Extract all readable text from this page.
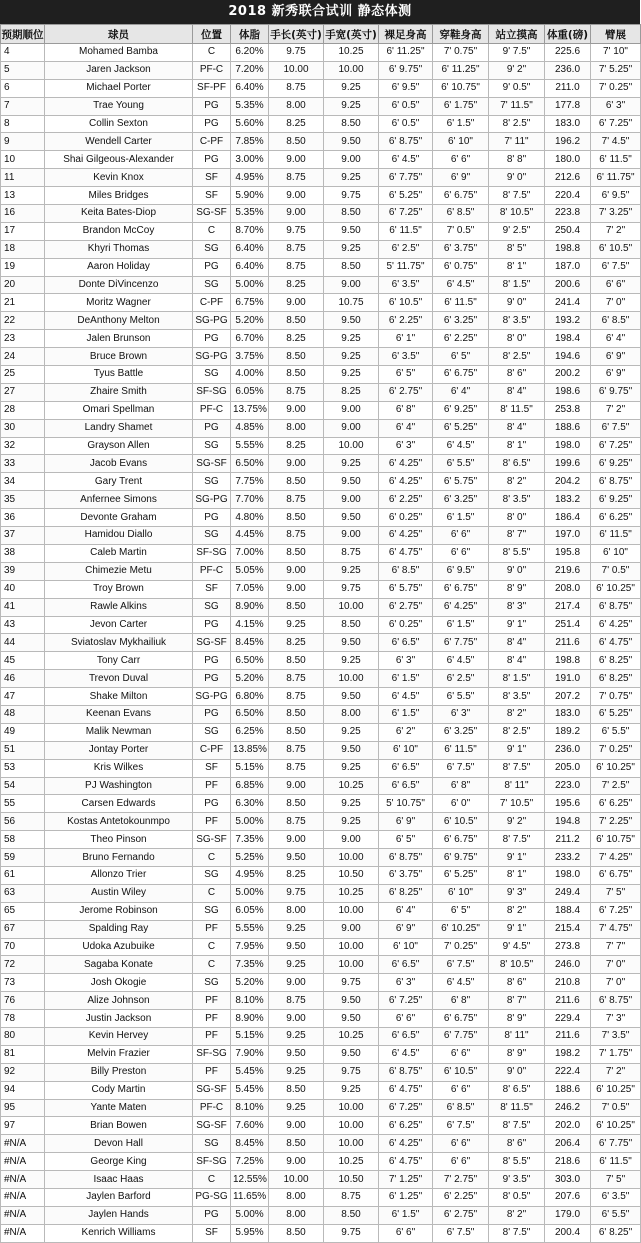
2018 新秀联合试训 静态体测
预期顺位	球员	位置	体脂	手长(英寸)	手宽(英寸)	裸足身高	穿鞋身高	站立摸高	体重(磅)	臂展
4	Mohamed Bamba	C	6.20%	9.75	10.25	6' 11.25"	7' 0.75"	9' 7.5"	225.6	7' 10"
5	Jaren Jackson	PF-C	7.20%	10.00	10.00	6' 9.75"	6' 11.25"	9' 2"	236.0	7' 5.25"
6	Michael Porter	SF-PF	6.40%	8.75	9.25	6' 9.5"	6' 10.75"	9' 0.5"	211.0	7' 0.25"
7	Trae Young	PG	5.35%	8.00	9.25	6' 0.5"	6' 1.75"	7' 11.5"	177.8	6' 3"
8	Collin Sexton	PG	5.60%	8.25	8.50	6' 0.5"	6' 1.5"	8' 2.5"	183.0	6' 7.25"
9	Wendell Carter	C-PF	7.85%	8.50	9.50	6' 8.75"	6' 10"	7' 11"	196.2	7' 4.5"
10	Shai Gilgeous-Alexander	PG	3.00%	9.00	9.00	6' 4.5"	6' 6"	8' 8"	180.0	6' 11.5"
11	Kevin Knox	SF	4.95%	8.75	9.25	6' 7.75"	6' 9"	9' 0"	212.6	6' 11.75"
13	Miles Bridges	SF	5.90%	9.00	9.75	6' 5.25"	6' 6.75"	8' 7.5"	220.4	6' 9.5"
16	Keita Bates-Diop	SG-SF	5.35%	9.00	8.50	6' 7.25"	6' 8.5"	8' 10.5"	223.8	7' 3.25"
17	Brandon McCoy	C	8.70%	9.75	9.50	6' 11.5"	7' 0.5"	9' 2.5"	250.4	7' 2"
18	Khyri Thomas	SG	6.40%	8.75	9.25	6' 2.5"	6' 3.75"	8' 5"	198.8	6' 10.5"
19	Aaron Holiday	PG	6.40%	8.75	8.50	5' 11.75"	6' 0.75"	8' 1"	187.0	6' 7.5"
20	Donte DiVincenzo	SG	5.00%	8.25	9.00	6' 3.5"	6' 4.5"	8' 1.5"	200.6	6' 6"
21	Moritz Wagner	C-PF	6.75%	9.00	10.75	6' 10.5"	6' 11.5"	9' 0"	241.4	7' 0"
22	DeAnthony Melton	SG-PG	5.20%	8.50	9.50	6' 2.25"	6' 3.25"	8' 3.5"	193.2	6' 8.5"
23	Jalen Brunson	PG	6.70%	8.25	9.25	6' 1"	6' 2.25"	8' 0"	198.4	6' 4"
24	Bruce Brown	SG-PG	3.75%	8.50	9.25	6' 3.5"	6' 5"	8' 2.5"	194.6	6' 9"
25	Tyus Battle	SG	4.00%	8.50	9.25	6' 5"	6' 6.75"	8' 6"	200.2	6' 9"
27	Zhaire Smith	SF-SG	6.05%	8.75	8.25	6' 2.75"	6' 4"	8' 4"	198.6	6' 9.75"
28	Omari Spellman	PF-C	13.75%	9.00	9.00	6' 8"	6' 9.25"	8' 11.5"	253.8	7' 2"
30	Landry Shamet	PG	4.85%	8.00	9.00	6' 4"	6' 5.25"	8' 4"	188.6	6' 7.5"
32	Grayson Allen	SG	5.55%	8.25	10.00	6' 3"	6' 4.5"	8' 1"	198.0	6' 7.25"
33	Jacob Evans	SG-SF	6.50%	9.00	9.25	6' 4.25"	6' 5.5"	8' 6.5"	199.6	6' 9.25"
34	Gary Trent	SG	7.75%	8.50	9.50	6' 4.25"	6' 5.75"	8' 2"	204.2	6' 8.75"
35	Anfernee Simons	SG-PG	7.70%	8.75	9.00	6' 2.25"	6' 3.25"	8' 3.5"	183.2	6' 9.25"
36	Devonte Graham	PG	4.80%	8.50	9.50	6' 0.25"	6' 1.5"	8' 0"	186.4	6' 6.25"
37	Hamidou Diallo	SG	4.45%	8.75	9.00	6' 4.25"	6' 6"	8' 7"	197.0	6' 11.5"
38	Caleb Martin	SF-SG	7.00%	8.50	8.75	6' 4.75"	6' 6"	8' 5.5"	195.8	6' 10"
39	Chimezie Metu	PF-C	5.05%	9.00	9.25	6' 8.5"	6' 9.5"	9' 0"	219.6	7' 0.5"
40	Troy Brown	SF	7.05%	9.00	9.75	6' 5.75"	6' 6.75"	8' 9"	208.0	6' 10.25"
41	Rawle Alkins	SG	8.90%	8.50	10.00	6' 2.75"	6' 4.25"	8' 3"	217.4	6' 8.75"
43	Jevon Carter	PG	4.15%	9.25	8.50	6' 0.25"	6' 1.5"	9' 1"	251.4	6' 4.25"
44	Sviatoslav Mykhailiuk	SG-SF	8.45%	8.25	9.50	6' 6.5"	6' 7.75"	8' 4"	211.6	6' 4.75"
45	Tony Carr	PG	6.50%	8.50	9.25	6' 3"	6' 4.5"	8' 4"	198.8	6' 8.25"
46	Trevon Duval	PG	5.20%	8.75	10.00	6' 1.5"	6' 2.5"	8' 1.5"	191.0	6' 8.25"
47	Shake Milton	SG-PG	6.80%	8.75	9.50	6' 4.5"	6' 5.5"	8' 3.5"	207.2	7' 0.75"
48	Keenan Evans	PG	6.50%	8.50	8.00	6' 1.5"	6' 3"	8' 2"	183.0	6' 5.25"
49	Malik Newman	SG	6.25%	8.50	9.25	6' 2"	6' 3.25"	8' 2.5"	189.2	6' 5.5"
51	Jontay Porter	C-PF	13.85%	8.75	9.50	6' 10"	6' 11.5"	9' 1"	236.0	7' 0.25"
53	Kris Wilkes	SF	5.15%	8.75	9.25	6' 6.5"	6' 7.5"	8' 7.5"	205.0	6' 10.25"
54	PJ Washington	PF	6.85%	9.00	10.25	6' 6.5"	6' 8"	8' 11"	223.0	7' 2.5"
55	Carsen Edwards	PG	6.30%	8.50	9.25	5' 10.75"	6' 0"	7' 10.5"	195.6	6' 6.25"
56	Kostas Antetokounmpo	PF	5.00%	8.75	9.25	6' 9"	6' 10.5"	9' 2"	194.8	7' 2.25"
58	Theo Pinson	SG-SF	7.35%	9.00	9.00	6' 5"	6' 6.75"	8' 7.5"	211.2	6' 10.75"
59	Bruno Fernando	C	5.25%	9.50	10.00	6' 8.75"	6' 9.75"	9' 1"	233.2	7' 4.25"
61	Allonzo Trier	SG	4.95%	8.25	10.50	6' 3.75"	6' 5.25"	8' 1"	198.0	6' 6.75"
63	Austin Wiley	C	5.00%	9.75	10.25	6' 8.25"	6' 10"	9' 3"	249.4	7' 5"
65	Jerome Robinson	SG	6.05%	8.00	10.00	6' 4"	6' 5"	8' 2"	188.4	6' 7.25"
67	Spalding Ray	PF	5.55%	9.25	9.00	6' 9"	6' 10.25"	9' 1"	215.4	7' 4.75"
70	Udoka Azubuike	C	7.95%	9.50	10.00	6' 10"	7' 0.25"	9' 4.5"	273.8	7' 7"
72	Sagaba Konate	C	7.35%	9.25	10.00	6' 6.5"	6' 7.5"	8' 10.5"	246.0	7' 0"
73	Josh Okogie	SG	5.20%	9.00	9.75	6' 3"	6' 4.5"	8' 6"	210.8	7' 0"
76	Alize Johnson	PF	8.10%	8.75	9.50	6' 7.25"	6' 8"	8' 7"	211.6	6' 8.75"
78	Justin Jackson	PF	8.90%	9.00	9.50	6' 6"	6' 6.75"	8' 9"	229.4	7' 3"
80	Kevin Hervey	PF	5.15%	9.25	10.25	6' 6.5"	6' 7.75"	8' 11"	211.6	7' 3.5"
81	Melvin Frazier	SF-SG	7.90%	9.50	9.50	6' 4.5"	6' 6"	8' 9"	198.2	7' 1.75"
92	Billy Preston	PF	5.45%	9.25	9.75	6' 8.75"	6' 10.5"	9' 0"	222.4	7' 2"
94	Cody Martin	SG-SF	5.45%	8.50	9.25	6' 4.75"	6' 6"	8' 6.5"	188.6	6' 10.25"
95	Yante Maten	PF-C	8.10%	9.25	10.00	6' 7.25"	6' 8.5"	8' 11.5"	246.2	7' 0.5"
97	Brian Bowen	SG-SF	7.60%	9.00	10.00	6' 6.25"	6' 7.5"	8' 7.5"	202.0	6' 10.25"
#N/A	Devon Hall	SG	8.45%	8.50	10.00	6' 4.25"	6' 6"	8' 6"	206.4	6' 7.75"
#N/A	George King	SF-SG	7.25%	9.00	10.25	6' 4.75"	6' 6"	8' 5.5"	218.6	6' 11.5"
#N/A	Isaac Haas	C	12.55%	10.00	10.50	7' 1.25"	7' 2.75"	9' 3.5"	303.0	7' 5"
#N/A	Jaylen Barford	PG-SG	11.65%	8.00	8.75	6' 1.25"	6' 2.25"	8' 0.5"	207.6	6' 3.5"
#N/A	Jaylen Hands	PG	5.00%	8.00	8.50	6' 1.5"	6' 2.75"	8' 2"	179.0	6' 5.5"
#N/A	Kenrich Williams	SF	5.95%	8.50	9.75	6' 6"	6' 7.5"	8' 7.5"	200.4	6' 8.25"
